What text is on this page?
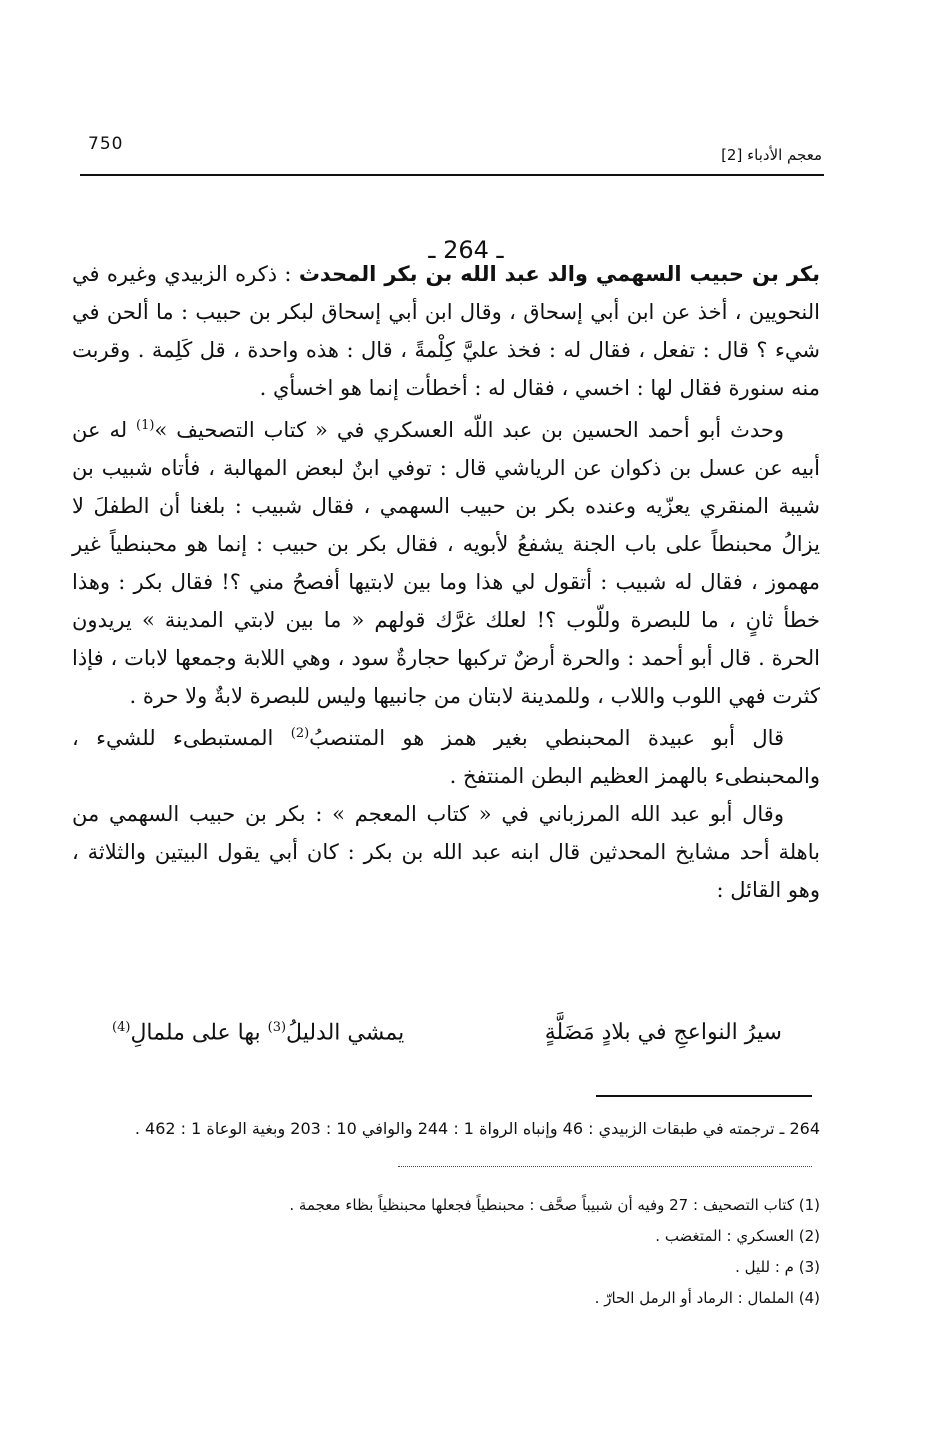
750
معجم الأدباء [2]
ـ 264 ـ

بكر بن حبيب السهمي والد عبد الله بن بكر المحدث : ذكره الزبيدي وغيره في النحويين ، أخذ عن ابن أبي إسحاق ، وقال ابن أبي إسحاق لبكر بن حبيب : ما ألحن في شيء ؟ قال : تفعل ، فقال له : فخذ عليَّ كِلْمةً ، قال : هذه واحدة ، قل كَلِمة . وقربت منه سنورة فقال لها : اخسي ، فقال له : أخطأت إنما هو اخسأي .

وحدث أبو أحمد الحسين بن عبد اللّه العسكري في « كتاب التصحيف »$^{(1)}$ له عن أبيه عن عسل بن ذكوان عن الرياشي قال : توفي ابنٌ لبعض المهالبة ، فأتاه شبيب بن شيبة المنقري يعزّيه وعنده بكر بن حبيب السهمي ، فقال شبيب : بلغنا أن الطفلَ لا يزالُ محبنطاً على باب الجنة يشفعُ لأبويه ، فقال بكر بن حبيب : إنما هو محبنطياً غير مهموز ، فقال له شبيب : أتقول لي هذا وما بين لابتيها أفصحُ مني ؟! فقال بكر : وهذا خطأ ثانٍ ، ما للبصرة وللّوب ؟! لعلك غرَّك قولهم « ما بين لابتي المدينة » يريدون الحرة . قال أبو أحمد : والحرة أرضٌ تركبها حجارةٌ سود ، وهي اللابة وجمعها لابات ، فإذا كثرت فهي اللوب واللاب ، وللمدينة لابتان من جانبيها وليس للبصرة لابةٌ ولا حرة .

قال أبو عبيدة المحبنطي بغير همز هو المتنصبُ$^{(2)}$ المستبطىء للشيء ، والمحبنطىء بالهمز العظيم البطن المنتفخ .

وقال أبو عبد الله المرزباني في « كتاب المعجم » : بكر بن حبيب السهمي من باهلة أحد مشايخ المحدثين قال ابنه عبد الله بن بكر : كان أبي يقول البيتين والثلاثة ، وهو القائل :

سيرُ النواعجِ في بلادٍ مَضَلَّةٍ
يمشي الدليلُ$^{(3)}$ بها على ملمالِ$^{(4)}$
264 ـ ترجمته في طبقات الزبيدي : 46 وإنباه الرواة 1 : 244 والوافي 10 : 203 وبغية الوعاة 1 : 462 .
(1) كتاب التصحيف : 27 وفيه أن شبيباً صحَّف : محبنطياً فجعلها محبنظياً بظاء معجمة .
(2) العسكري : المتغضب .
(3) م : لليل .
(4) الملمال : الرماد أو الرمل الحارّ .
